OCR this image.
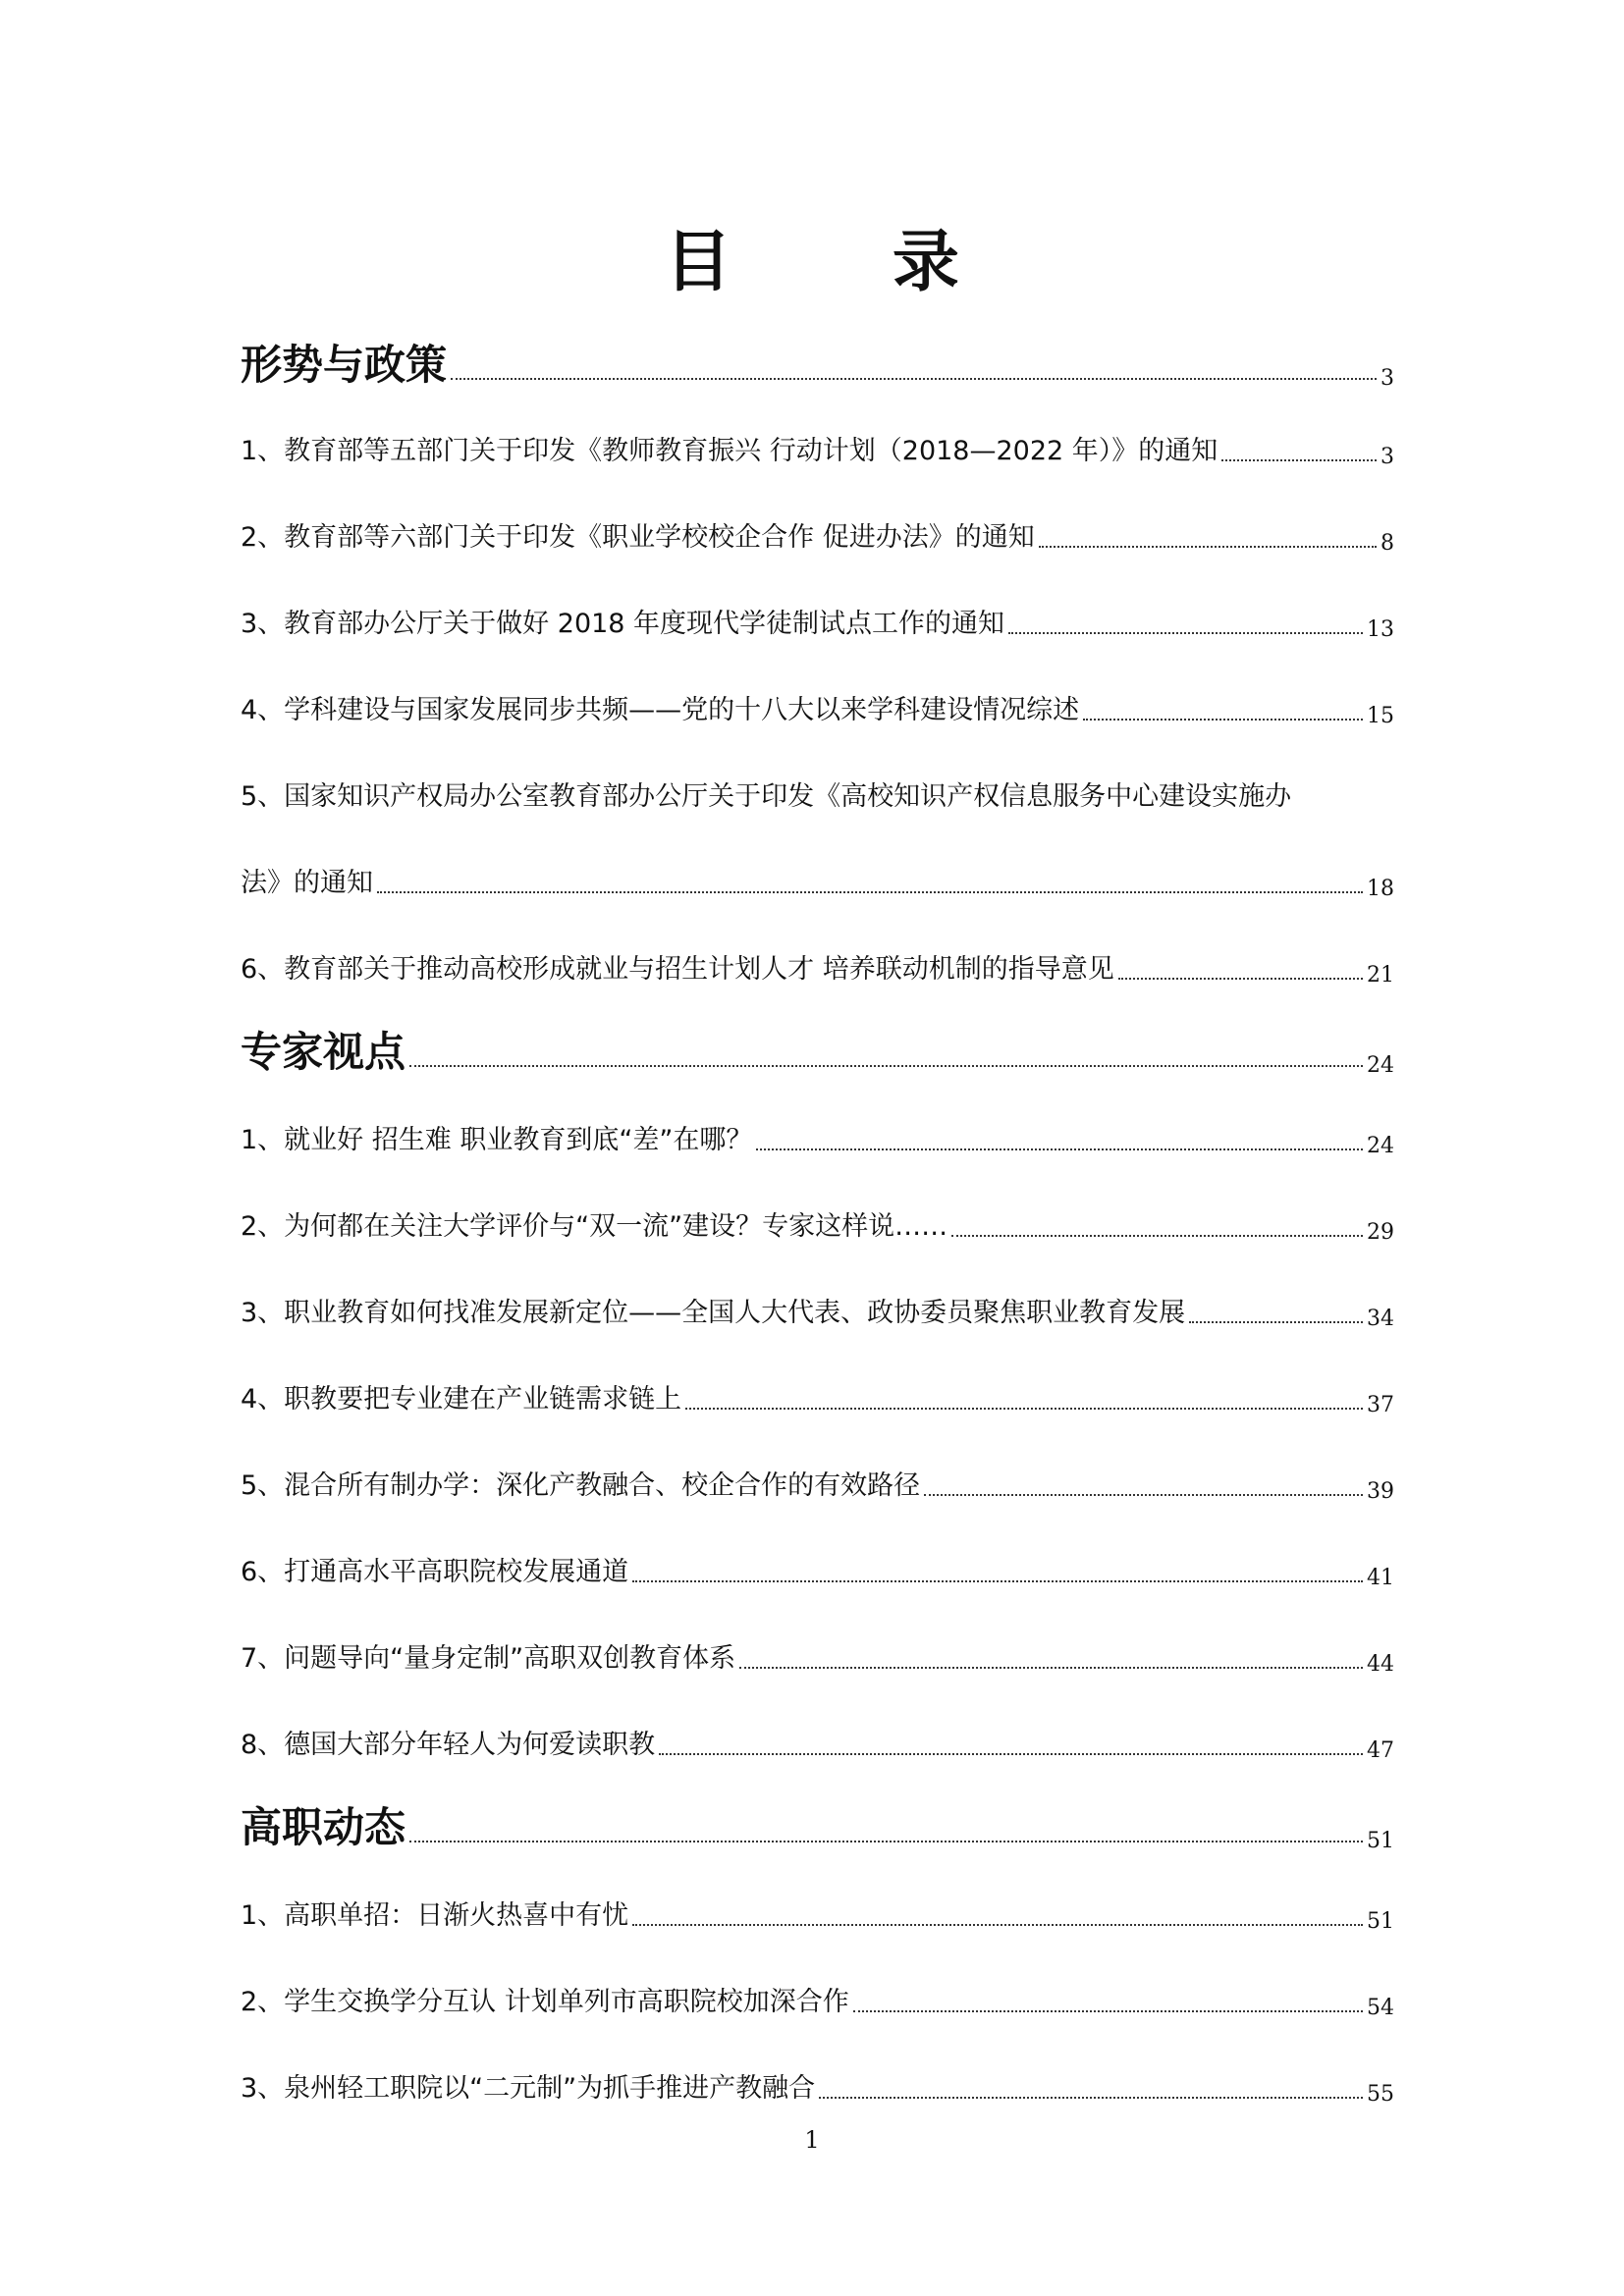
目 录
形势与政策	3
1、教育部等五部门关于印发《教师教育振兴 行动计划（2018—2022 年）》的通知	3
2、教育部等六部门关于印发《职业学校校企合作 促进办法》的通知	8
3、教育部办公厅关于做好 2018 年度现代学徒制试点工作的通知	13
4、学科建设与国家发展同步共频——党的十八大以来学科建设情况综述	15
5、国家知识产权局办公室教育部办公厅关于印发《高校知识产权信息服务中心建设实施办
法》的通知	18
6、教育部关于推动高校形成就业与招生计划人才 培养联动机制的指导意见	21
专家视点	24
1、就业好 招生难 职业教育到底“差”在哪？	24
2、为何都在关注大学评价与“双一流”建设？专家这样说……	29
3、职业教育如何找准发展新定位——全国人大代表、政协委员聚焦职业教育发展	34
4、职教要把专业建在产业链需求链上	37
5、混合所有制办学：深化产教融合、校企合作的有效路径	39
6、打通高水平高职院校发展通道	41
7、问题导向“量身定制”高职双创教育体系	44
8、德国大部分年轻人为何爱读职教	47
高职动态	51
1、高职单招：日渐火热喜中有忧	51
2、学生交换学分互认 计划单列市高职院校加深合作	54
3、泉州轻工职院以“二元制”为抓手推进产教融合	55
1
